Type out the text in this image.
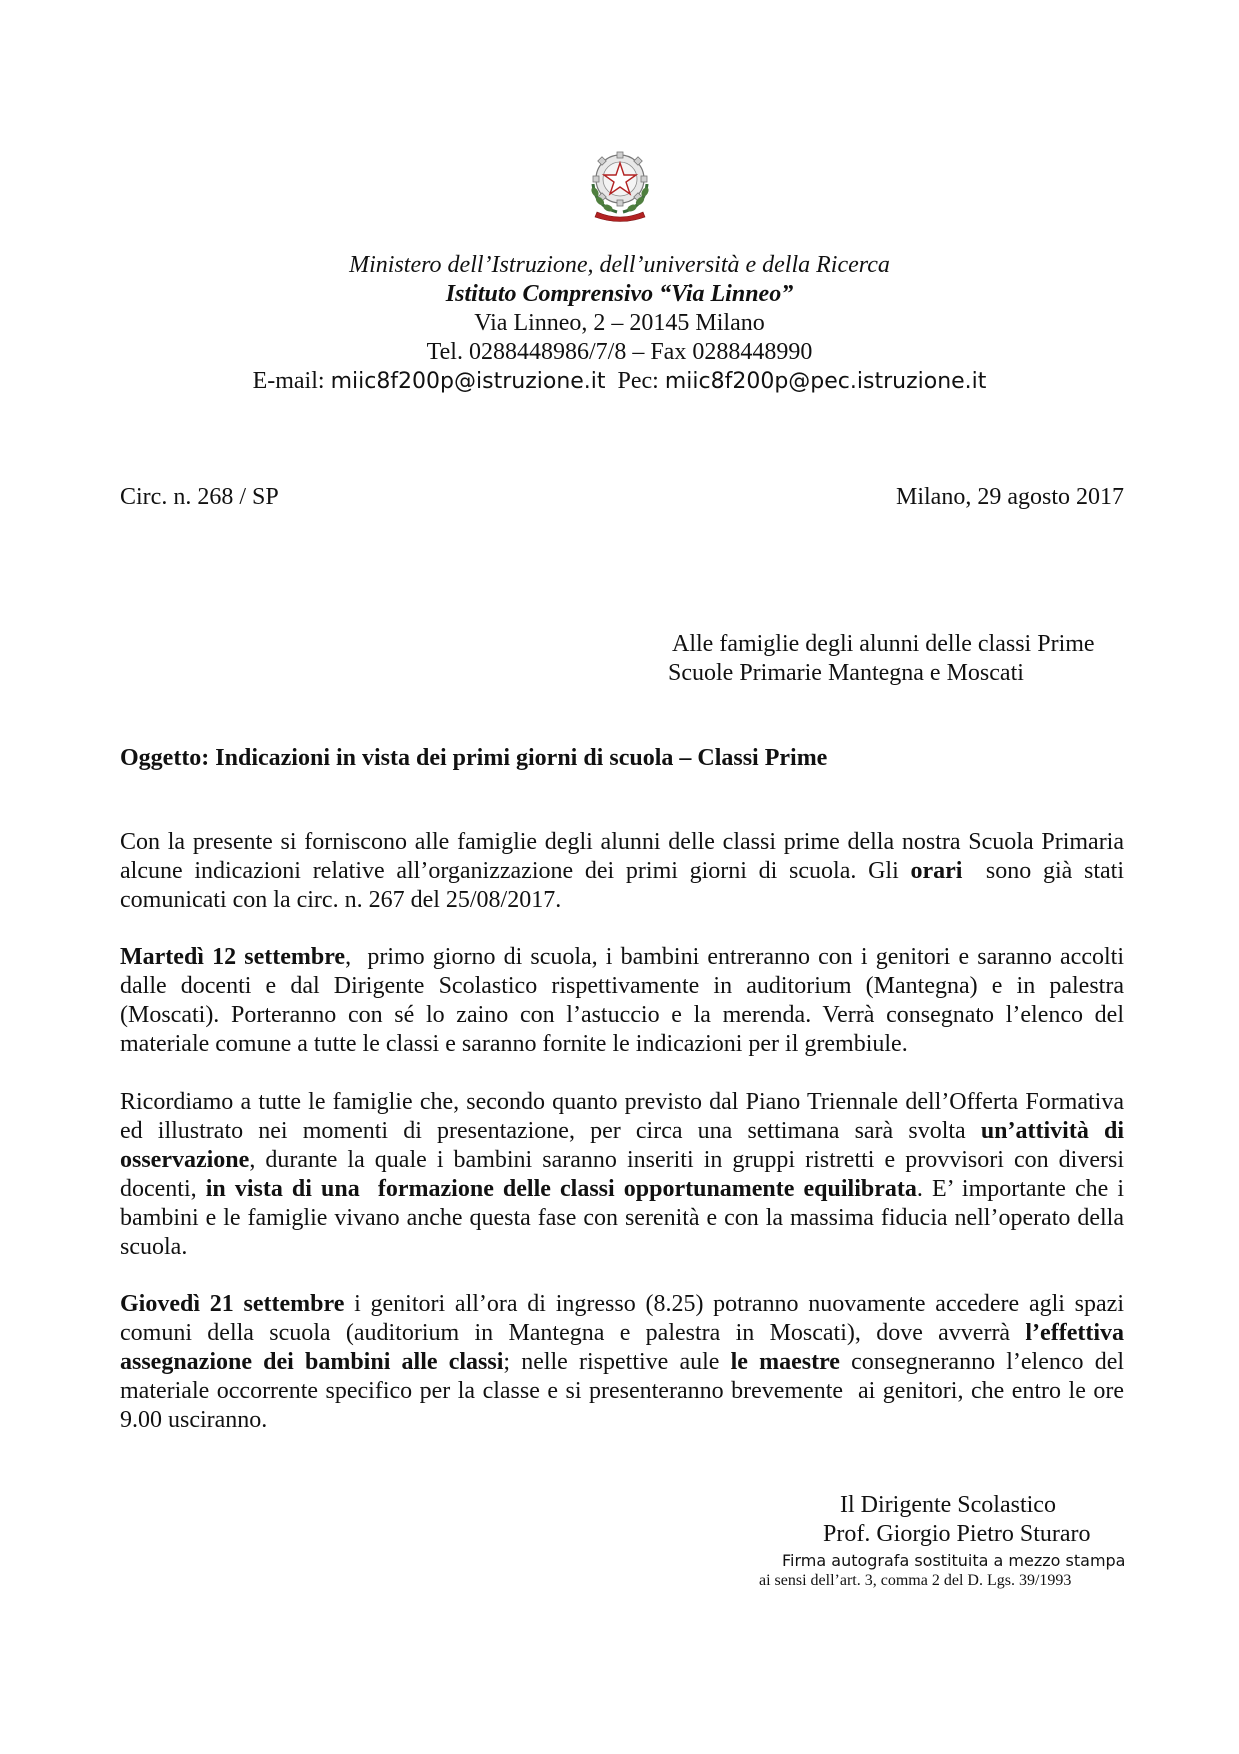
Ministero dell’Istruzione, dell’università e della Ricerca
Istituto Comprensivo “Via Linneo”
Via Linneo, 2 – 20145 Milano
Tel. 0288448986/7/8 – Fax 0288448990
E-mail: miic8f200p@istruzione.it  Pec: miic8f200p@pec.istruzione.it
Circ. n. 268 / SP	Milano, 29 agosto 2017
Alle famiglie degli alunni delle classi Prime
Scuole Primarie Mantegna e Moscati
Oggetto: Indicazioni in vista dei primi giorni di scuola – Classi Prime
Con la presente si forniscono alle famiglie degli alunni delle classi prime della nostra Scuola Primaria alcune indicazioni relative all’organizzazione dei primi giorni di scuola. Gli orari  sono già stati comunicati con la circ. n. 267 del 25/08/2017.
Martedì 12 settembre,  primo giorno di scuola, i bambini entreranno con i genitori e saranno accolti dalle docenti e dal Dirigente Scolastico rispettivamente in auditorium (Mantegna) e in palestra (Moscati). Porteranno con sé lo zaino con l’astuccio e la merenda. Verrà consegnato l’elenco del materiale comune a tutte le classi e saranno fornite le indicazioni per il grembiule.
Ricordiamo a tutte le famiglie che, secondo quanto previsto dal Piano Triennale dell’Offerta Formativa ed illustrato nei momenti di presentazione, per circa una settimana sarà svolta un’attività di osservazione, durante la quale i bambini saranno inseriti in gruppi ristretti e provvisori con diversi docenti, in vista di una  formazione delle classi opportunamente equilibrata. E’ importante che i bambini e le famiglie vivano anche questa fase con serenità e con la massima fiducia nell’operato della scuola.
Giovedì 21 settembre i genitori all’ora di ingresso (8.25) potranno nuovamente accedere agli spazi comuni della scuola (auditorium in Mantegna e palestra in Moscati), dove avverrà l’effettiva assegnazione dei bambini alle classi; nelle rispettive aule le maestre consegneranno l’elenco del materiale occorrente specifico per la classe e si presenteranno brevemente  ai genitori, che entro le ore 9.00 usciranno.
Il Dirigente Scolastico
Prof. Giorgio Pietro Sturaro
Firma autografa sostituita a mezzo stampa
ai sensi dell’art. 3, comma 2 del D. Lgs. 39/1993
